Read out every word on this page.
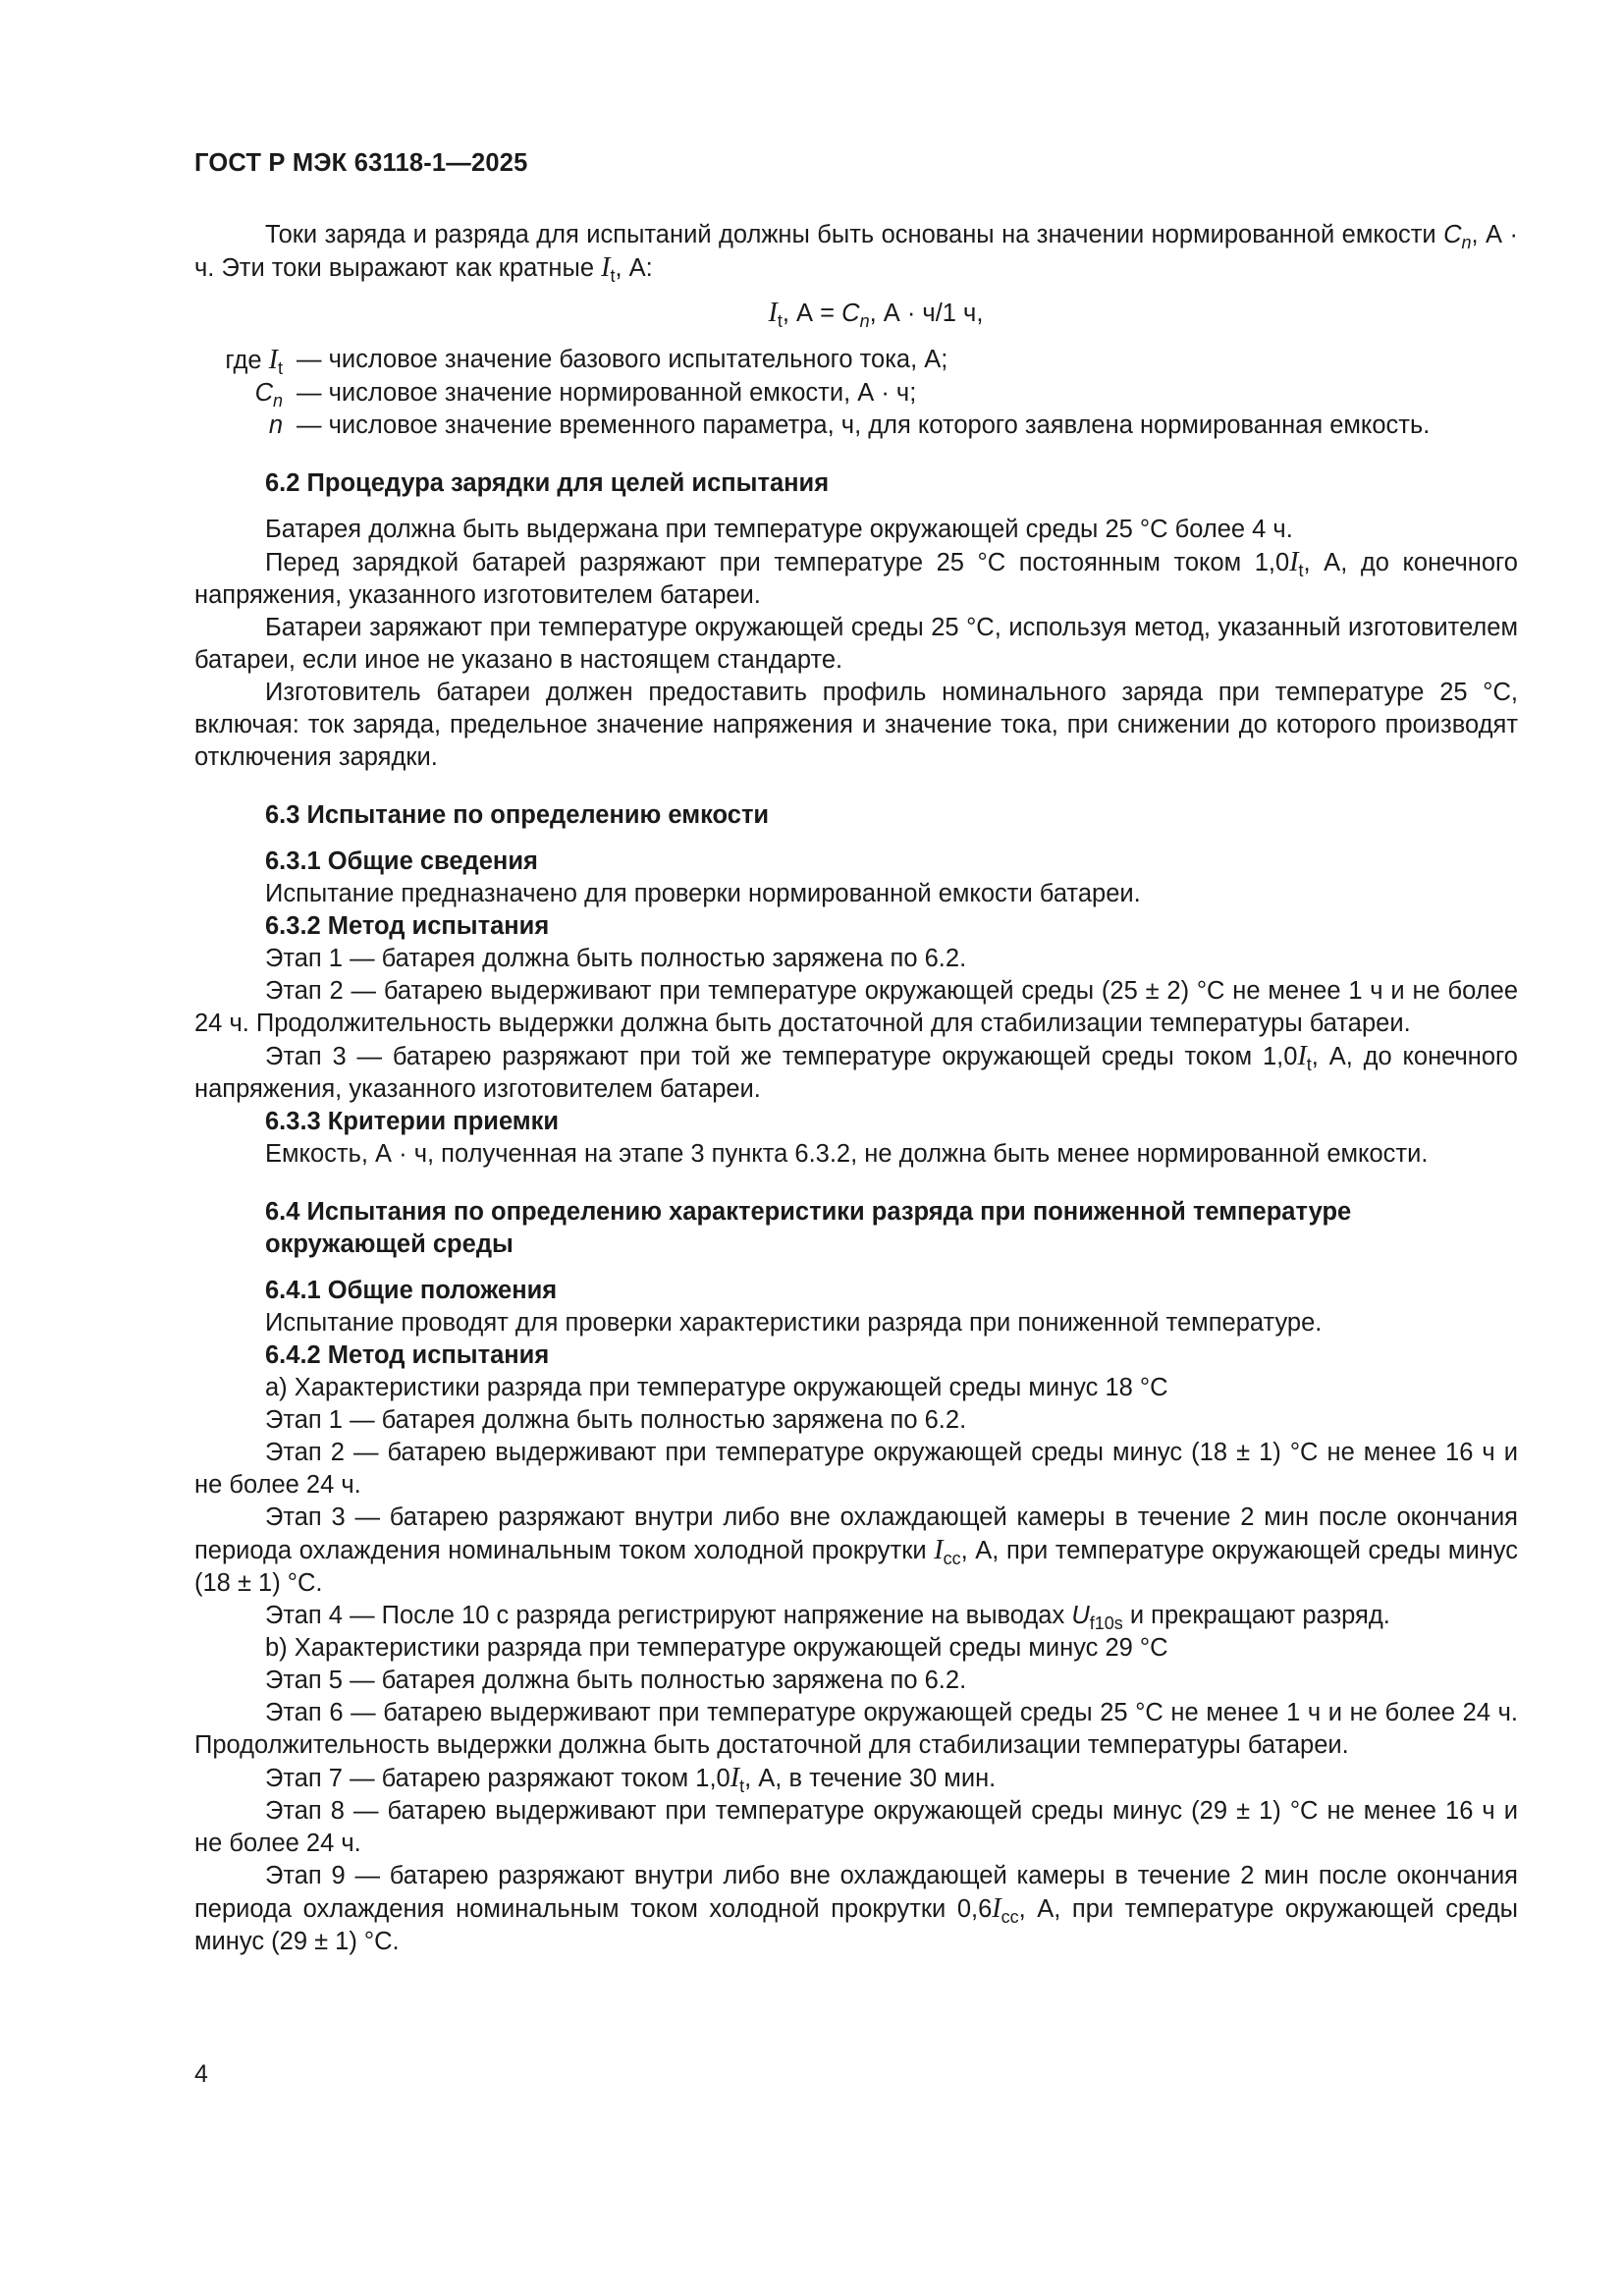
ГОСТ Р МЭК 63118-1—2025

Токи заряда и разряда для испытаний должны быть основаны на значении нормированной емкости $C_n$, А · ч. Эти токи выражают как кратные $I_t$, А:

$I_t$, $А = C_n$, А · ч/1 ч,

где $I_t$ — числовое значение базового испытательного тока, А;
$C_n$ — числовое значение нормированной емкости, А · ч;
n — числовое значение временного параметра, ч, для которого заявлена нормированная емкость.

6.2 Процедура зарядки для целей испытания

Батарея должна быть выдержана при температуре окружающей среды 25 °С более 4 ч.

Перед зарядкой батарей разряжают при температуре 25 °С постоянным током $1,0I_t$, А, до конечного напряжения, указанного изготовителем батареи.

Батареи заряжают при температуре окружающей среды 25 °С, используя метод, указанный изготовителем батареи, если иное не указано в настоящем стандарте.

Изготовитель батареи должен предоставить профиль номинального заряда при температуре 25 °С, включая: ток заряда, предельное значение напряжения и значение тока, при снижении до которого производят отключения зарядки.

6.3 Испытание по определению емкости

6.3.1 Общие сведения

Испытание предназначено для проверки нормированной емкости батареи.

6.3.2 Метод испытания

Этап 1 — батарея должна быть полностью заряжена по 6.2.

Этап 2 — батарею выдерживают при температуре окружающей среды (25 ± 2) °С не менее 1 ч и не более 24 ч. Продолжительность выдержки должна быть достаточной для стабилизации температуры батареи.

Этап 3 — батарею разряжают при той же температуре окружающей среды током $1,0I_t$, А, до конечного напряжения, указанного изготовителем батареи.

6.3.3 Критерии приемки

Емкость, А · ч, полученная на этапе 3 пункта 6.3.2, не должна быть менее нормированной емкости.

6.4 Испытания по определению характеристики разряда при пониженной температуре окружающей среды

6.4.1 Общие положения

Испытание проводят для проверки характеристики разряда при пониженной температуре.

6.4.2 Метод испытания

а) Характеристики разряда при температуре окружающей среды минус 18 °С

Этап 1 — батарея должна быть полностью заряжена по 6.2.

Этап 2 — батарею выдерживают при температуре окружающей среды минус (18 ± 1) °С не менее 16 ч и не более 24 ч.

Этап 3 — батарею разряжают внутри либо вне охлаждающей камеры в течение 2 мин после окончания периода охлаждения номинальным током холодной прокрутки $I_{cc}$, А, при температуре окружающей среды минус (18 ± 1) °С.

Этап 4 — После 10 с разряда регистрируют напряжение на выводах $U_{f10s}$ и прекращают разряд.

b) Характеристики разряда при температуре окружающей среды минус 29 °С

Этап 5 — батарея должна быть полностью заряжена по 6.2.

Этап 6 — батарею выдерживают при температуре окружающей среды 25 °С не менее 1 ч и не более 24 ч. Продолжительность выдержки должна быть достаточной для стабилизации температуры батареи.

Этап 7 — батарею разряжают током $1,0I_t$, А, в течение 30 мин.

Этап 8 — батарею выдерживают при температуре окружающей среды минус (29 ± 1) °С не менее 16 ч и не более 24 ч.

Этап 9 — батарею разряжают внутри либо вне охлаждающей камеры в течение 2 мин после окончания периода охлаждения номинальным током холодной прокрутки $0,6I_{cc}$, А, при температуре окружающей среды минус (29 ± 1) °С.

4
